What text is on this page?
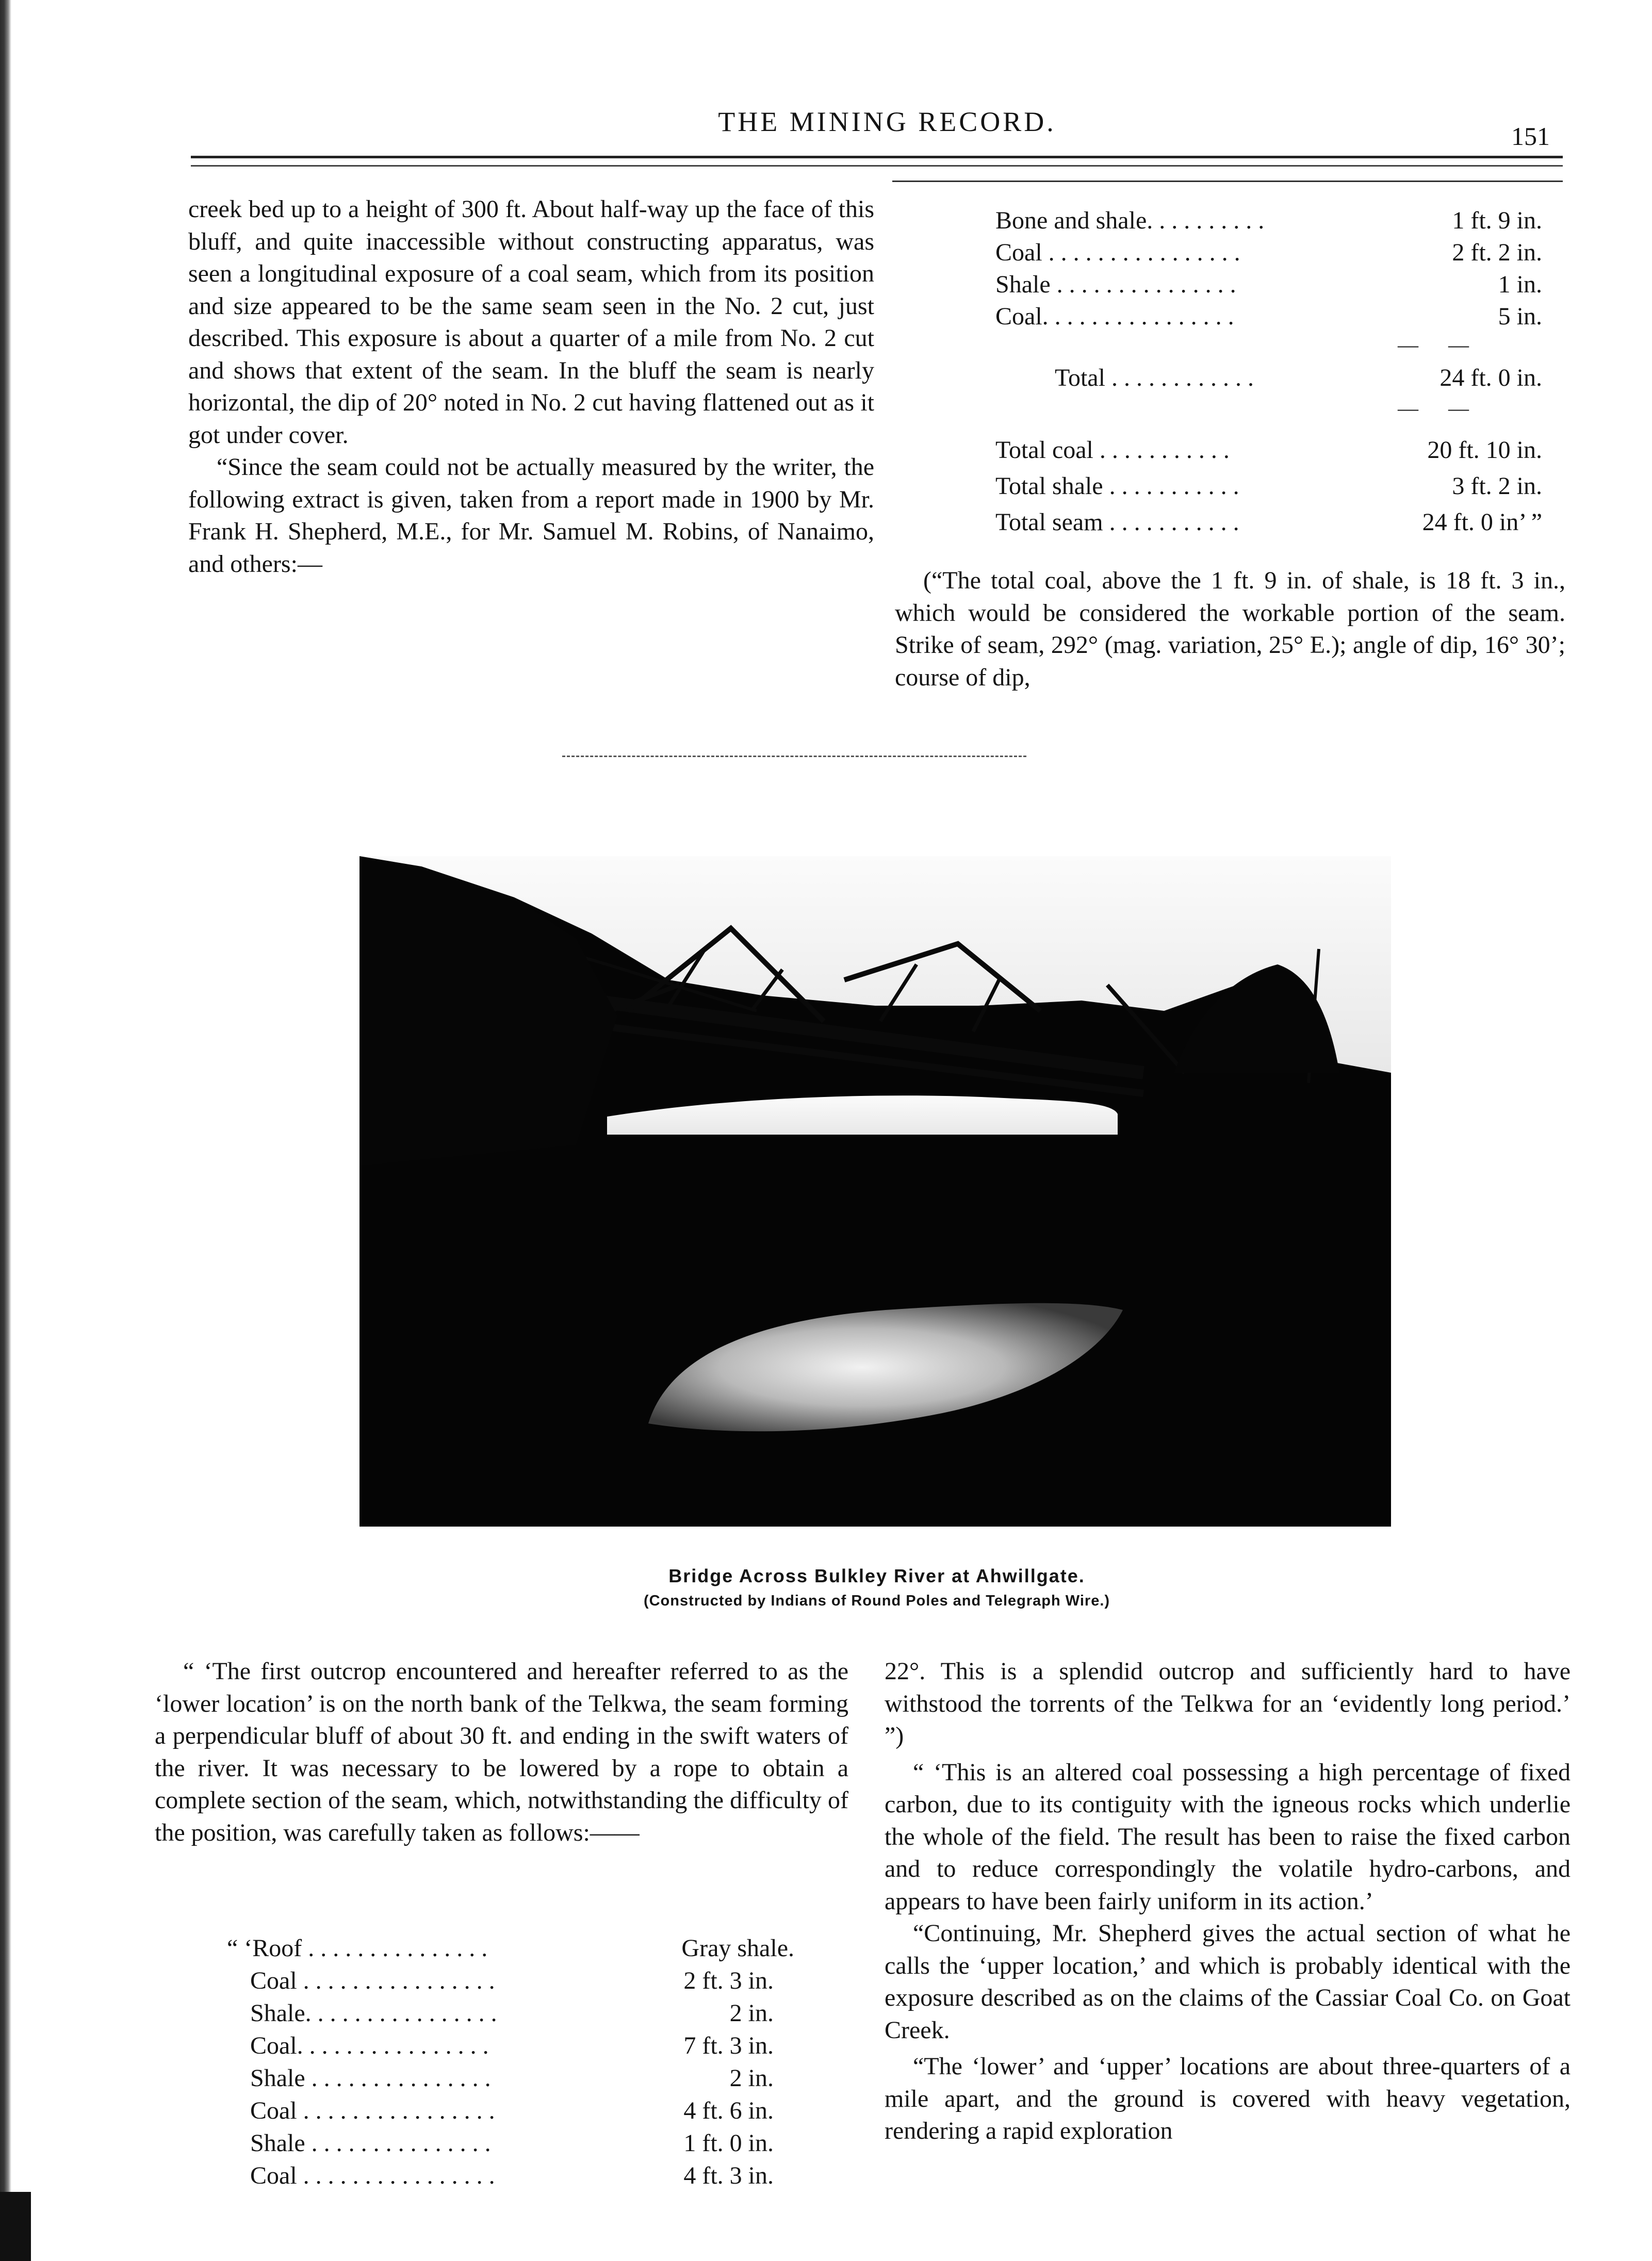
THE MINING RECORD.	151

creek bed up to a height of 300 ft. About half-way up the face of this bluff, and quite inaccessible without constructing apparatus, was seen a longitudinal exposure of a coal seam, which from its position and size appeared to be the same seam seen in the No. 2 cut, just described. This exposure is about a quarter of a mile from No. 2 cut and shows that extent of the seam. In the bluff the seam is nearly horizontal, the dip of 20° noted in No. 2 cut having flattened out as it got under cover.

“Since the seam could not be actually measured by the writer, the following extract is given, taken from a report made in 1900 by Mr. Frank H. Shepherd, M.E., for Mr. Samuel M. Robins, of Nanaimo, and others:—

Bone and shale. . . . . . . . . .	1 ft. 9 in.
Coal . . . . . . . . . . . . . . . .	2 ft. 2 in.
Shale . . . . . . . . . . . . . . .	1 in.
Coal. . . . . . . . . . . . . . . .	5 in.
— —
Total . . . . . . . . . . . .	24 ft. 0 in.
— —
Total coal . . . . . . . . . . .	20 ft. 10 in.
Total shale . . . . . . . . . . .	3 ft. 2 in.
Total seam . . . . . . . . . . .	24 ft. 0 in’ ”

(“The total coal, above the 1 ft. 9 in. of shale, is 18 ft. 3 in., which would be considered the workable portion of the seam. Strike of seam, 292° (mag. variation, 25° E.); angle of dip, 16° 30’; course of dip,

Bridge Across Bulkley River at Ahwillgate.
(Constructed by Indians of Round Poles and Telegraph Wire.)

“ ‘The first outcrop encountered and hereafter referred to as the ‘lower location’ is on the north bank of the Telkwa, the seam forming a perpendicular bluff of about 30 ft. and ending in the swift waters of the river. It was necessary to be lowered by a rope to obtain a complete section of the seam, which, notwithstanding the difficulty of the position, was carefully taken as follows:——

“ ‘Roof . . . . . . . . . . . . . . .	Gray shale.
Coal . . . . . . . . . . . . . . . .	2 ft. 3 in.
Shale. . . . . . . . . . . . . . . .	2 in.
Coal. . . . . . . . . . . . . . . .	7 ft. 3 in.
Shale . . . . . . . . . . . . . . .	2 in.
Coal . . . . . . . . . . . . . . . .	4 ft. 6 in.
Shale . . . . . . . . . . . . . . .	1 ft. 0 in.
Coal . . . . . . . . . . . . . . . .	4 ft. 3 in.

22°. This is a splendid outcrop and sufficiently hard to have withstood the torrents of the Telkwa for an ‘evidently long period.’ ”)

“ ‘This is an altered coal possessing a high percentage of fixed carbon, due to its contiguity with the igneous rocks which underlie the whole of the field. The result has been to raise the fixed carbon and to reduce correspondingly the volatile hydro-carbons, and appears to have been fairly uniform in its action.’

“Continuing, Mr. Shepherd gives the actual section of what he calls the ‘upper location,’ and which is probably identical with the exposure described as on the claims of the Cassiar Coal Co. on Goat Creek.

“The ‘lower’ and ‘upper’ locations are about three-quarters of a mile apart, and the ground is covered with heavy vegetation, rendering a rapid exploration
